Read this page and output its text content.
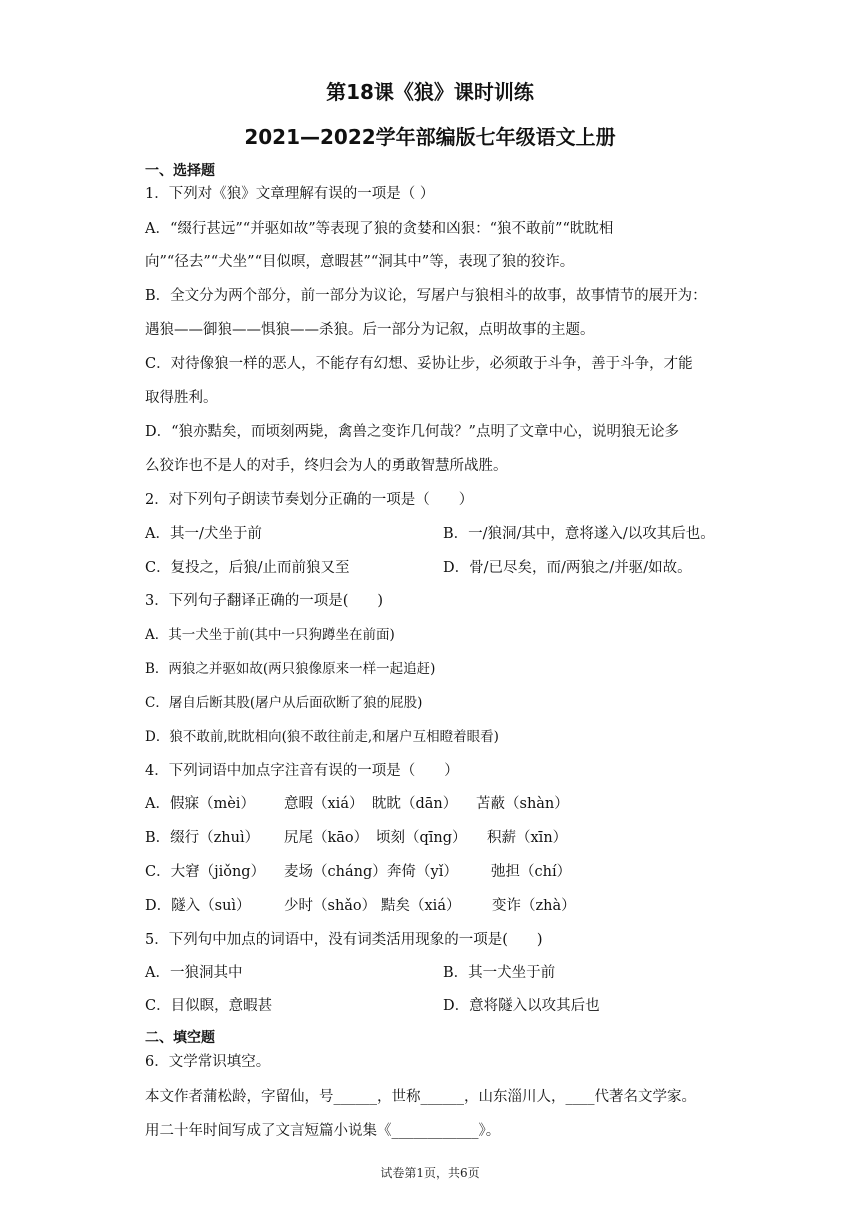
第18课《狼》课时训练
2021—2022学年部编版七年级语文上册
一、选择题
1．下列对《狼》文章理解有误的一项是（ ）
A．“缀行甚远”“并驱如故”等表现了狼的贪婪和凶狠：“狼不敢前”“眈眈相
向”“径去”“犬坐”“目似暝，意暇甚”“洞其中”等，表现了狼的狡诈。
B．全文分为两个部分，前一部分为议论，写屠户与狼相斗的故事，故事情节的展开为：
遇狼——御狼——惧狼——杀狼。后一部分为记叙，点明故事的主题。
C．对待像狼一样的恶人，不能存有幻想、妥协让步，必须敢于斗争，善于斗争，才能
取得胜利。
D．“狼亦黠矣，而顷刻两毙，禽兽之变诈几何哉？”点明了文章中心，说明狼无论多
么狡诈也不是人的对手，终归会为人的勇敢智慧所战胜。
2．对下列句子朗读节奏划分正确的一项是（　　）
A．其一/犬坐于前	B．一/狼洞/其中，意将遂入/以攻其后也。
C．复投之，后狼/止而前狼又至	D．骨/已尽矣，而/两狼之/并驱/如故。
3．下列句子翻译正确的一项是(　　)
A．其一犬坐于前(其中一只狗蹲坐在前面)
B．两狼之并驱如故(两只狼像原来一样一起追赶)
C．屠自后断其股(屠户从后面砍断了狼的屁股)
D．狼不敢前,眈眈相向(狼不敢往前走,和屠户互相瞪着眼看)
4．下列词语中加点字注音有误的一项是（　　）
A．假寐（mèi） 意暇（xiá） 眈眈（dān） 苫蔽（shàn）
B．缀行（zhuì） 尻尾（kāo） 顷刻（qīng） 积薪（xīn）
C．大窘（jiǒng） 麦场（cháng） 奔倚（yǐ） 弛担（chí）
D．隧入（suì） 少时（shǎo） 黠矣（xiá） 变诈（zhà）
5．下列句中加点的词语中，没有词类活用现象的一项是(　　)
A．一狼洞其中	B．其一犬坐于前
C．目似瞑，意暇甚	D．意将隧入以攻其后也
二、填空题
6．文学常识填空。
本文作者蒲松龄，字留仙，号______，世称______，山东淄川人，____代著名文学家。
用二十年时间写成了文言短篇小说集《____________》。
试卷第1页，共6页
